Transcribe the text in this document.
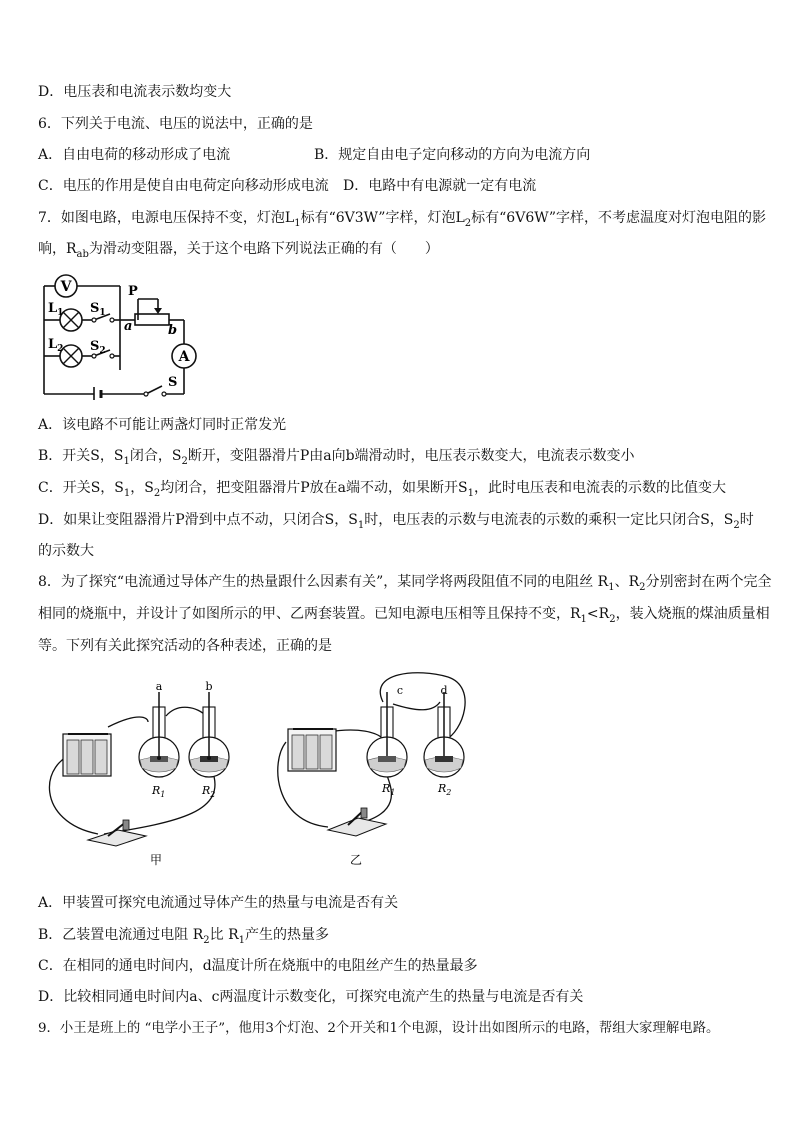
D．电压表和电流表示数均变大
6．下列关于电流、电压的说法中，正确的是
A．自由电荷的移动形成了电流	B．规定自由电子定向移动的方向为电流方向
C．电压的作用是使自由电荷定向移动形成电流 D．电路中有电源就一定有电流
7．如图电路，电源电压保持不变，灯泡$L_1$标有“6V3W”字样，灯泡$L_2$标有“6V6W”字样，不考虑温度对灯泡电阻的影
响，$R_{ab}$为滑动变阻器，关于这个电路下列说法正确的有（　　）
V
A
$L_1$
$L_2$
$S_1$
$S_2$
P
a	b
S
A．该电路不可能让两盏灯同时正常发光
B．开关S，$S_1$闭合，$S_2$断开，变阻器滑片P由a向b端滑动时，电压表示数变大，电流表示数变小
C．开关S，$S_1$，$S_2$均闭合，把变阻器滑片P放在a端不动，如果断开$S_1$，此时电压表和电流表的示数的比值变大
D．如果让变阻器滑片P滑到中点不动，只闭合S，$S_1$时，电压表的示数与电流表的示数的乘积一定比只闭合S，$S_2$时
的示数大
8．为了探究“电流通过导体产生的热量跟什么因素有关”，某同学将两段阻值不同的电阻丝 $R_1$、$R_2$分别密封在两个完全
相同的烧瓶中，并设计了如图所示的甲、乙两套装置。已知电源电压相等且保持不变，$R_1<R_2$，装入烧瓶的煤油质量相
等。下列有关此探究活动的各种表述，正确的是
a	b
$R_1$	$R_2$
甲
c	d
$R_1$	$R_2$
乙
A．甲装置可探究电流通过导体产生的热量与电流是否有关
B．乙装置电流通过电阻 $R_2$比 $R_1$产生的热量多
C．在相同的通电时间内，d温度计所在烧瓶中的电阻丝产生的热量最多
D．比较相同通电时间内a、c两温度计示数变化，可探究电流产生的热量与电流是否有关
9．小王是班上的 “电学小王子”，他用3个灯泡、2个开关和1个电源，设计出如图所示的电路，帮组大家理解电路。
